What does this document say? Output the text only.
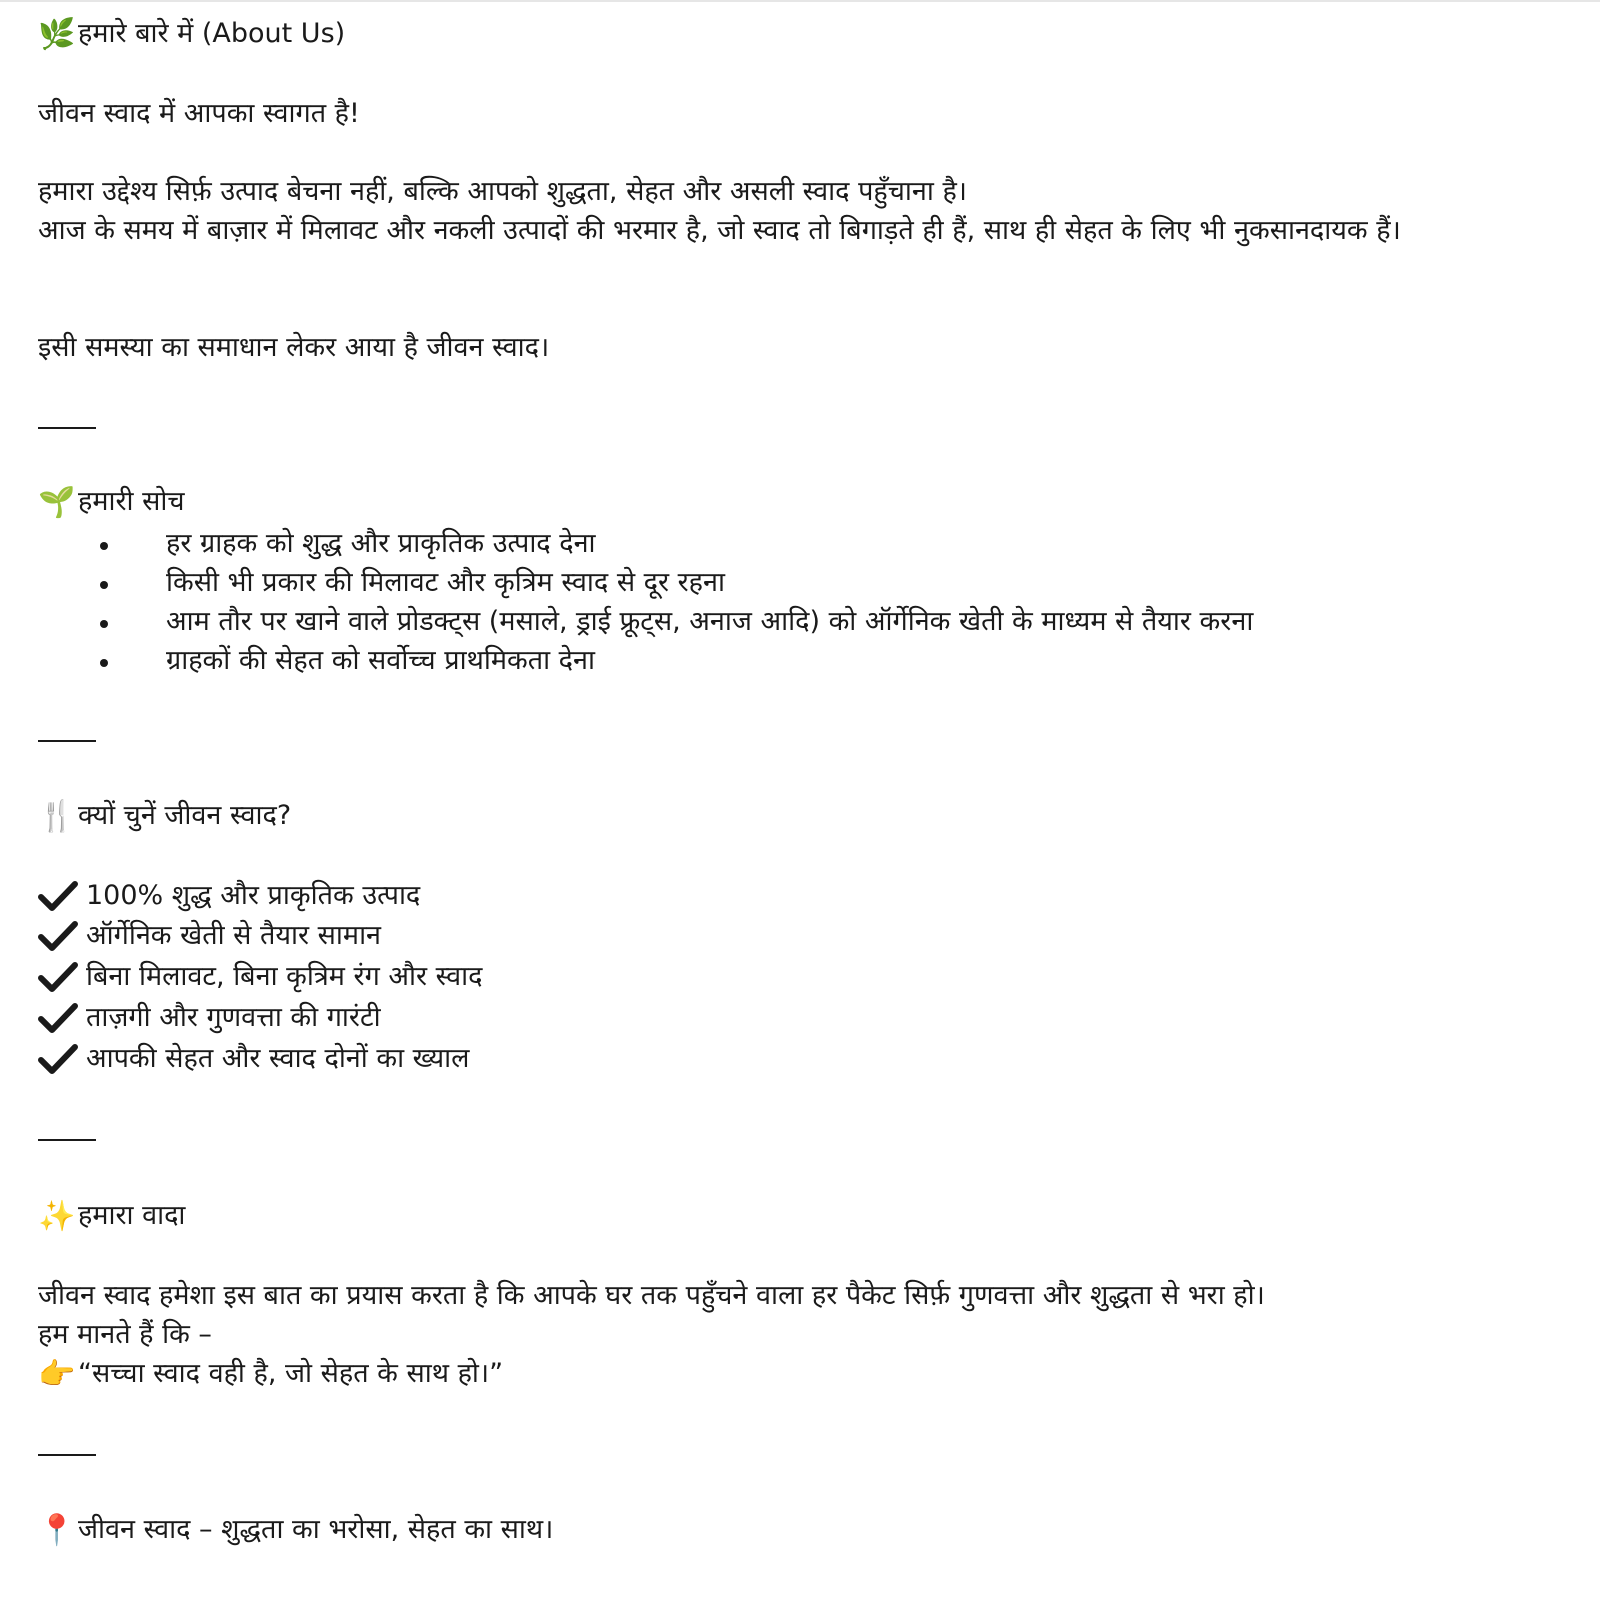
🌿हमारे बारे में (About Us)
जीवन स्वाद में आपका स्वागत है!
हमारा उद्देश्य सिर्फ़ उत्पाद बेचना नहीं, बल्कि आपको शुद्धता, सेहत और असली स्वाद पहुँचाना है।
आज के समय में बाज़ार में मिलावट और नकली उत्पादों की भरमार है, जो स्वाद तो बिगाड़ते ही हैं, साथ ही सेहत के लिए भी नुकसानदायक हैं।
इसी समस्या का समाधान लेकर आया है जीवन स्वाद।
🌱हमारी सोच
हर ग्राहक को शुद्ध और प्राकृतिक उत्पाद देना
किसी भी प्रकार की मिलावट और कृत्रिम स्वाद से दूर रहना
आम तौर पर खाने वाले प्रोडक्ट्स (मसाले, ड्राई फ्रूट्स, अनाज आदि) को ऑर्गेनिक खेती के माध्यम से तैयार करना
ग्राहकों की सेहत को सर्वोच्च प्राथमिकता देना
🍴क्यों चुनें जीवन स्वाद?
100% शुद्ध और प्राकृतिक उत्पाद
ऑर्गेनिक खेती से तैयार सामान
बिना मिलावट, बिना कृत्रिम रंग और स्वाद
ताज़गी और गुणवत्ता की गारंटी
आपकी सेहत और स्वाद दोनों का ख्याल
✨हमारा वादा
जीवन स्वाद हमेशा इस बात का प्रयास करता है कि आपके घर तक पहुँचने वाला हर पैकेट सिर्फ़ गुणवत्ता और शुद्धता से भरा हो।
हम मानते हैं कि –
👉“सच्चा स्वाद वही है, जो सेहत के साथ हो।”
📍जीवन स्वाद – शुद्धता का भरोसा, सेहत का साथ।
